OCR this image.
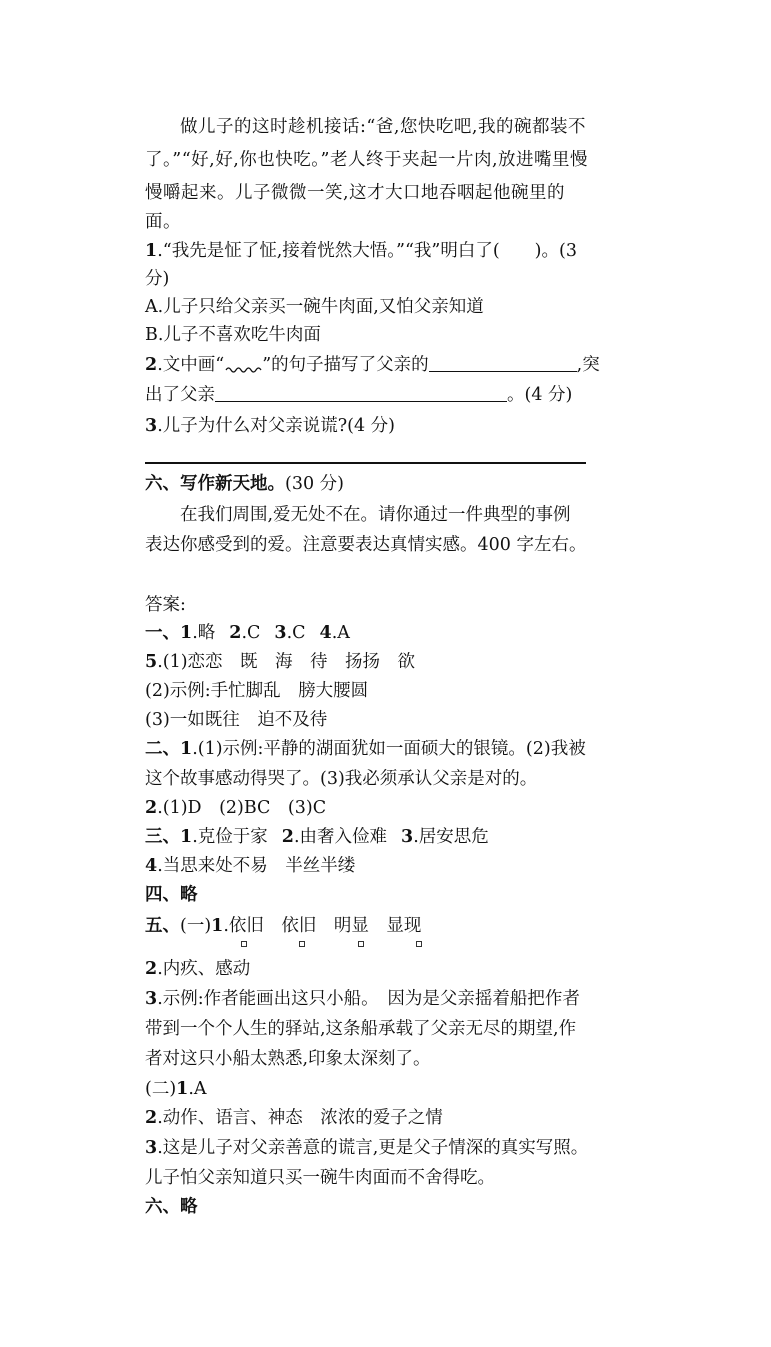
做儿子的这时趁机接话:“爸,您快吃吧,我的碗都装不
了。”“好,好,你也快吃。”老人终于夹起一片肉,放进嘴里慢
慢嚼起来。儿子微微一笑,这才大口地吞咽起他碗里的
面。
1.“我先是怔了怔,接着恍然大悟。”“我”明白了(　　)。(3
分)
A.儿子只给父亲买一碗牛肉面,又怕父亲知道
B.儿子不喜欢吃牛肉面
2.文中画“ ”的句子描写了父亲的	,突
出了父亲	。(4 分)
3.儿子为什么对父亲说谎?(4 分)
六、写作新天地。(30 分)
在我们周围,爱无处不在。请你通过一件典型的事例
表达你感受到的爱。注意要表达真情实感。400 字左右。
答案:
一、1.略 2.C 3.C 4.A
5.(1)恋恋　既　海　待　扬扬　欲
(2)示例:手忙脚乱　膀大腰圆
(3)一如既往　迫不及待
二、1.(1)示例:平静的湖面犹如一面硕大的银镜。(2)我被
这个故事感动得哭了。(3)我必须承认父亲是对的。
2.(1)D　(2)BC　(3)C
三、1.克俭于家 2.由奢入俭难 3.居安思危
4.当思来处不易　半丝半缕
四、略
五、(一)1.依旧　依旧　明显　显现
2.内疚、感动
3.示例:作者能画出这只小船。　因为是父亲摇着船把作者
带到一个个人生的驿站,这条船承载了父亲无尽的期望,作
者对这只小船太熟悉,印象太深刻了。
(二)1.A
2.动作、语言、神态　浓浓的爱子之情
3.这是儿子对父亲善意的谎言,更是父子情深的真实写照。
儿子怕父亲知道只买一碗牛肉面而不舍得吃。
六、略
